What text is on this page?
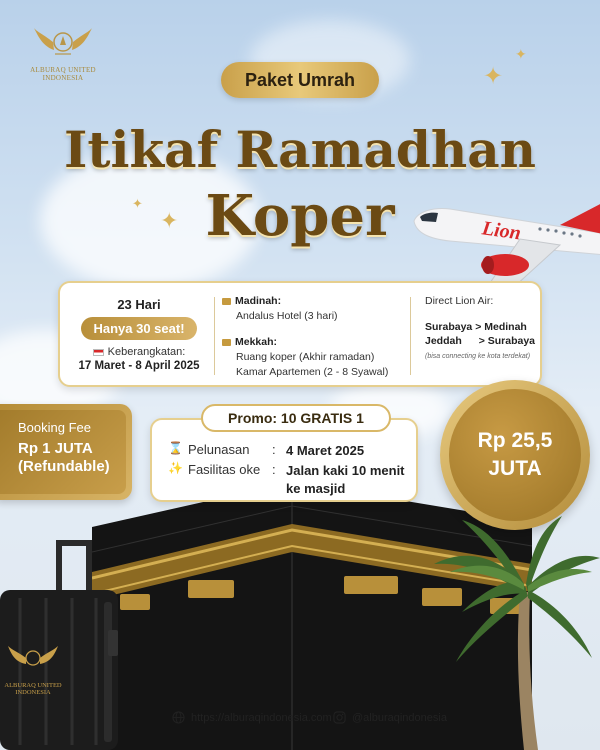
ALBURAQ UNITED
INDONESIA	Paket Umrah
Itikaf Ramadhan
Koper
✦
✦
✦
✦	Lion
23 Hari
Hanya 30 seat!
Keberangkatan:
17 Maret - 8 April 2025
Madinah:
Andalus Hotel (3 hari)
Mekkah:
Ruang koper (Akhir ramadan)
Kamar Apartemen (2 - 8 Syawal)
Direct Lion Air:
Surabaya > Medinah
Jeddah > Surabaya
(bisa connecting ke kota terdekat)
Booking Fee
Rp 1 JUTA
(Refundable)
Promo: 10 GRATIS 1
⌛ Pelunasan : 4 Maret 2025
✨ Fasilitas oke : Jalan kaki 10 menit ke masjid
Rp 25,5
JUTA
ALBURAQ UNITED
INDONESIA
https://alburaqindonesia.com @alburaqindonesia
